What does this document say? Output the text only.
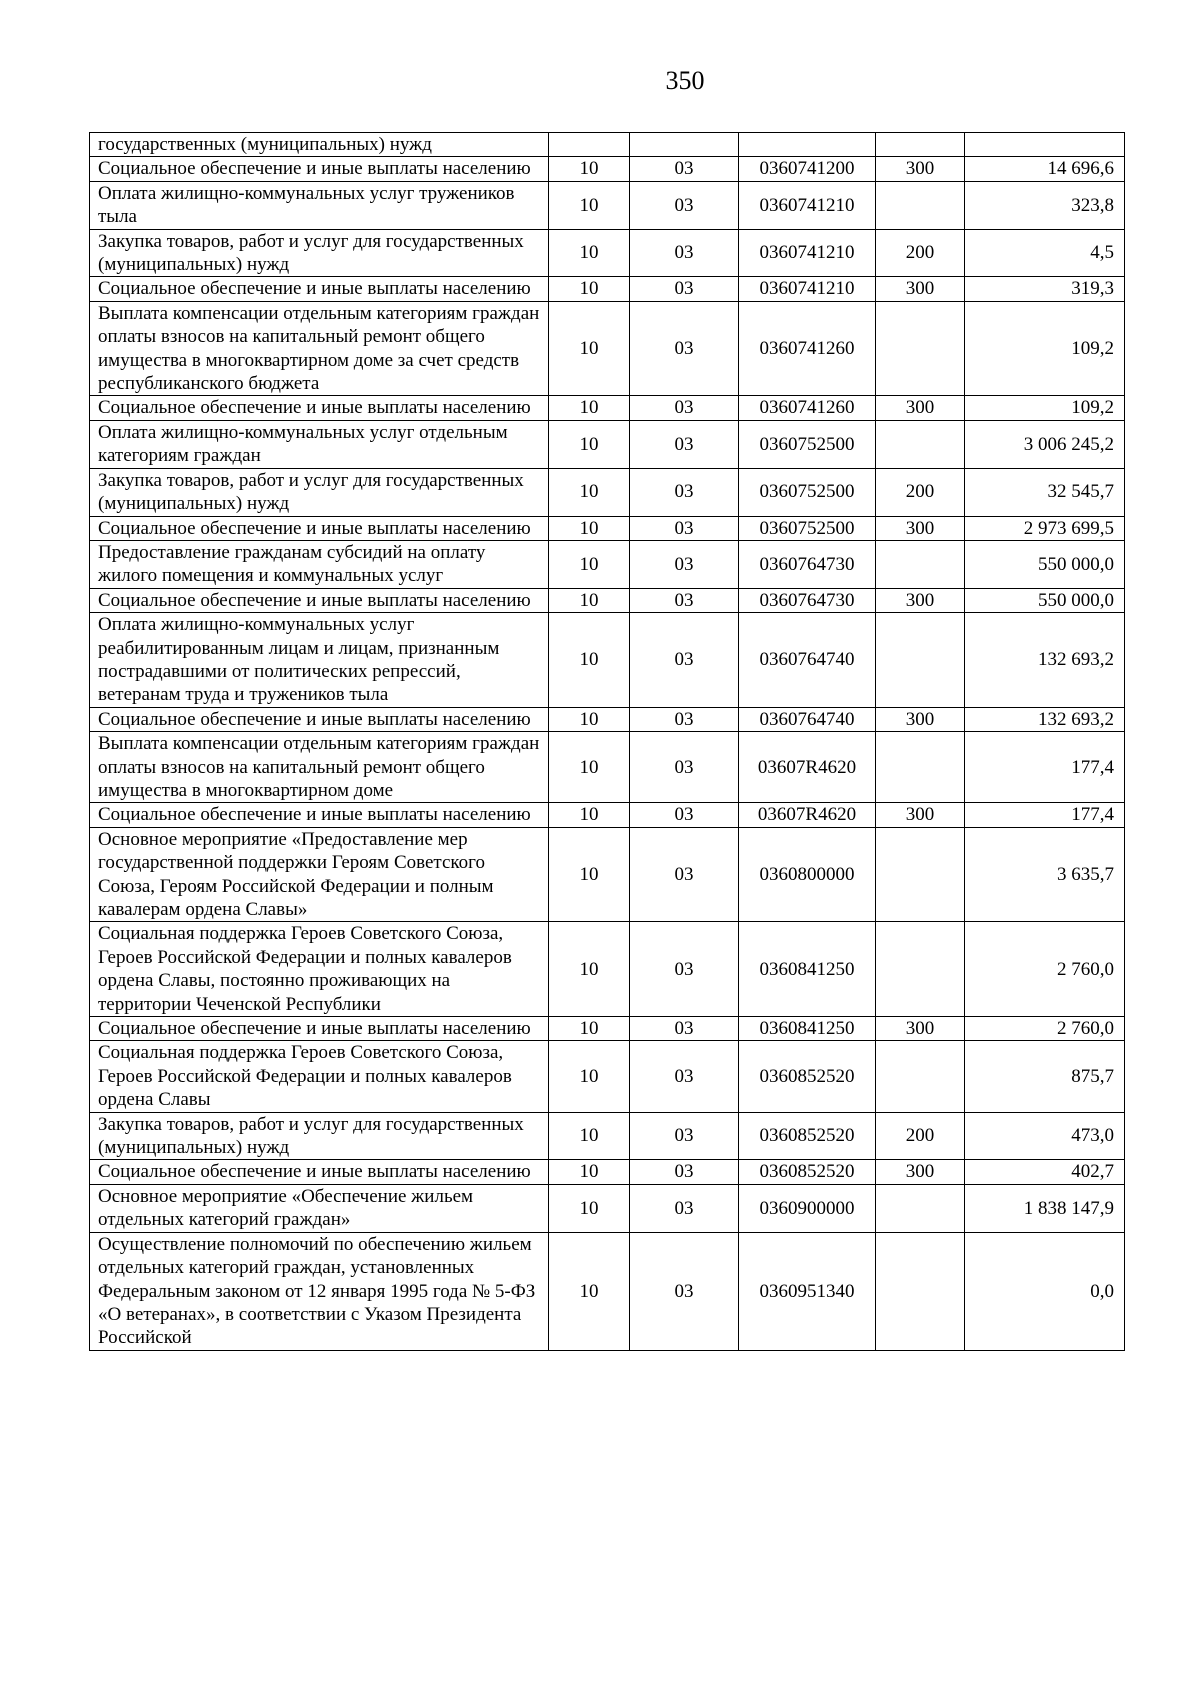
350
государственных (муниципальных) нужд					
Социальное обеспечение и иные выплаты населению	10	03	0360741200	300	14 696,6
Оплата жилищно-коммунальных услуг тружеников тыла	10	03	0360741210		323,8
Закупка товаров, работ и услуг для государственных (муниципальных) нужд	10	03	0360741210	200	4,5
Социальное обеспечение и иные выплаты населению	10	03	0360741210	300	319,3
Выплата компенсации отдельным категориям граждан оплаты взносов на капитальный ремонт общего имущества в многоквартирном доме за счет средств республиканского бюджета	10	03	0360741260		109,2
Социальное обеспечение и иные выплаты населению	10	03	0360741260	300	109,2
Оплата жилищно-коммунальных услуг отдельным категориям граждан	10	03	0360752500		3 006 245,2
Закупка товаров, работ и услуг для государственных (муниципальных) нужд	10	03	0360752500	200	32 545,7
Социальное обеспечение и иные выплаты населению	10	03	0360752500	300	2 973 699,5
Предоставление гражданам субсидий на оплату жилого помещения и коммунальных услуг	10	03	0360764730		550 000,0
Социальное обеспечение и иные выплаты населению	10	03	0360764730	300	550 000,0
Оплата жилищно-коммунальных услуг реабилитированным лицам и лицам, признанным пострадавшими от политических репрессий, ветеранам труда и тружеников тыла	10	03	0360764740		132 693,2
Социальное обеспечение и иные выплаты населению	10	03	0360764740	300	132 693,2
Выплата компенсации отдельным категориям граждан оплаты взносов на капитальный ремонт общего имущества в многоквартирном доме	10	03	03607R4620		177,4
Социальное обеспечение и иные выплаты населению	10	03	03607R4620	300	177,4
Основное мероприятие «Предоставление мер государственной поддержки Героям Советского Союза, Героям Российской Федерации и полным кавалерам ордена Славы»	10	03	0360800000		3 635,7
Социальная поддержка Героев Советского Союза, Героев Российской Федерации и полных кавалеров ордена Славы, постоянно проживающих на территории Чеченской Республики	10	03	0360841250		2 760,0
Социальное обеспечение и иные выплаты населению	10	03	0360841250	300	2 760,0
Социальная поддержка Героев Советского Союза, Героев Российской Федерации и полных кавалеров ордена Славы	10	03	0360852520		875,7
Закупка товаров, работ и услуг для государственных (муниципальных) нужд	10	03	0360852520	200	473,0
Социальное обеспечение и иные выплаты населению	10	03	0360852520	300	402,7
Основное мероприятие «Обеспечение жильем отдельных категорий граждан»	10	03	0360900000		1 838 147,9
Осуществление полномочий по обеспечению жильем отдельных категорий граждан, установленных Федеральным законом от 12 января 1995 года № 5-ФЗ «О ветеранах», в соответствии с Указом Президента Российской	10	03	0360951340		0,0
